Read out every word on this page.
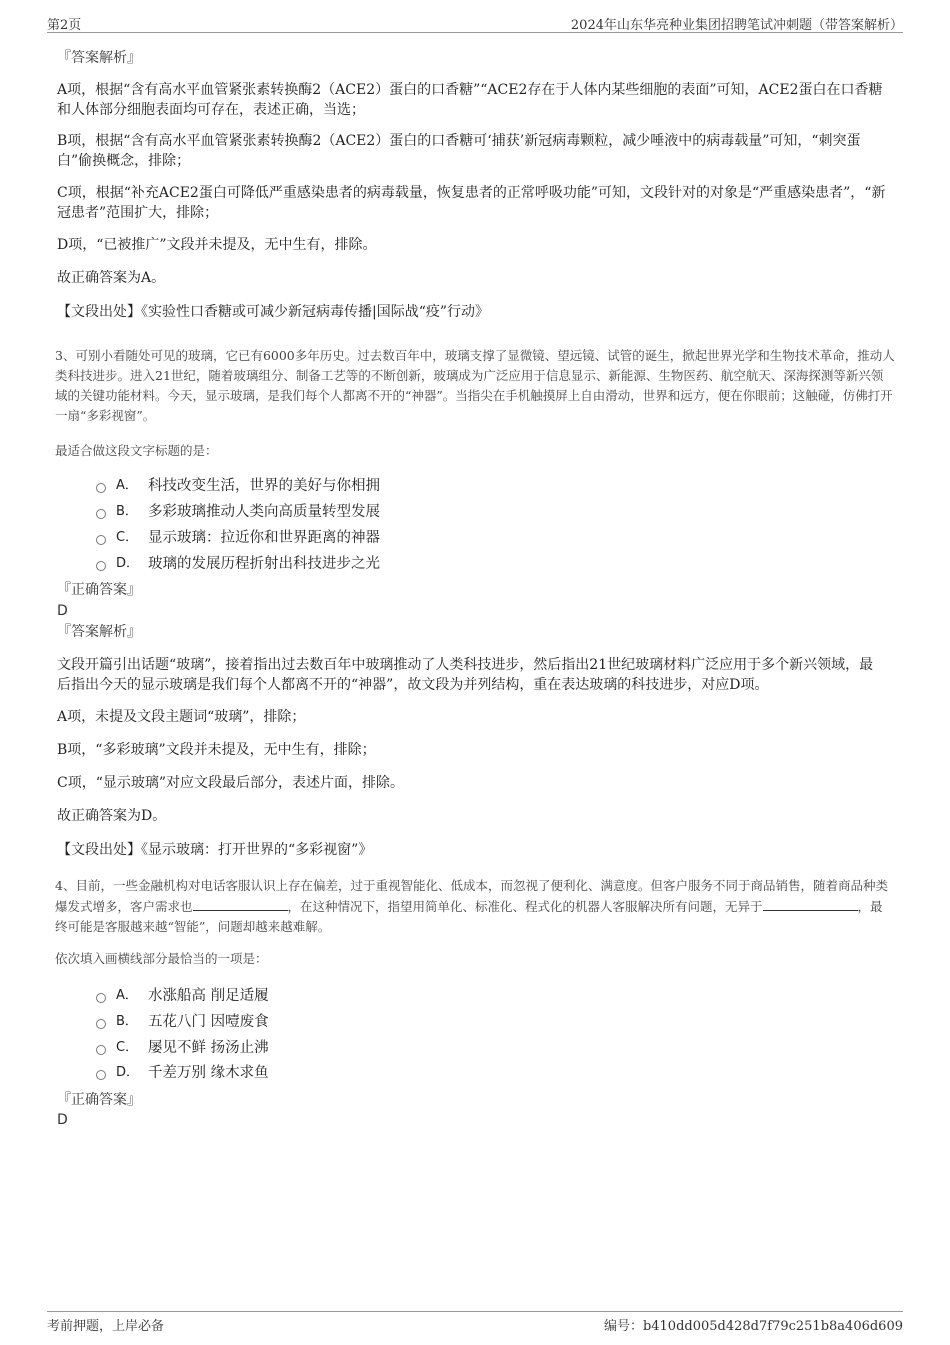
第2页	2024年山东华亮种业集团招聘笔试冲刺题（带答案解析）
『答案解析』
A项，根据“含有高水平血管紧张素转换酶2（ACE2）蛋白的口香糖”“ACE2存在于人体内某些细胞的表面”可知，ACE2蛋白在口香糖和人体部分细胞表面均可存在，表述正确，当选；
B项，根据“含有高水平血管紧张素转换酶2（ACE2）蛋白的口香糖可‘捕获’新冠病毒颗粒，减少唾液中的病毒载量”可知，“刺突蛋白”偷换概念，排除；
C项，根据“补充ACE2蛋白可降低严重感染患者的病毒载量，恢复患者的正常呼吸功能”可知，文段针对的对象是“严重感染患者”，“新冠患者”范围扩大，排除；
D项，“已被推广”文段并未提及，无中生有，排除。
故正确答案为A。
【文段出处】《实验性口香糖或可减少新冠病毒传播|国际战“疫”行动》
3、可别小看随处可见的玻璃，它已有6000多年历史。过去数百年中，玻璃支撑了显微镜、望远镜、试管的诞生，掀起世界光学和生物技术革命，推动人类科技进步。进入21世纪，随着玻璃组分、制备工艺等的不断创新，玻璃成为广泛应用于信息显示、新能源、生物医药、航空航天、深海探测等新兴领域的关键功能材料。今天，显示玻璃，是我们每个人都离不开的“神器”。当指尖在手机触摸屏上自由滑动，世界和远方，便在你眼前；这触碰，仿佛打开一扇“多彩视窗”。
最适合做这段文字标题的是：
A． 科技改变生活，世界的美好与你相拥
B． 多彩玻璃推动人类向高质量转型发展
C． 显示玻璃：拉近你和世界距离的神器
D． 玻璃的发展历程折射出科技进步之光
『正确答案』
D
『答案解析』
文段开篇引出话题“玻璃”，接着指出过去数百年中玻璃推动了人类科技进步，然后指出21世纪玻璃材料广泛应用于多个新兴领域，最后指出今天的显示玻璃是我们每个人都离不开的“神器”，故文段为并列结构，重在表达玻璃的科技进步，对应D项。
A项，未提及文段主题词“玻璃”，排除；
B项，“多彩玻璃”文段并未提及，无中生有，排除；
C项，“显示玻璃”对应文段最后部分，表述片面，排除。
故正确答案为D。
【文段出处】《显示玻璃：打开世界的“多彩视窗”》
4、目前，一些金融机构对电话客服认识上存在偏差，过于重视智能化、低成本，而忽视了便利化、满意度。但客户服务不同于商品销售，随着商品种类爆发式增多，客户需求也	，在这种情况下，指望用简单化、标准化、程式化的机器人客服解决所有问题，无异于	，最终可能是客服越来越“智能”，问题却越来越难解。
依次填入画横线部分最恰当的一项是：
A． 水涨船高 削足适履
B． 五花八门 因噎废食
C． 屡见不鲜 扬汤止沸
D． 千差万别 缘木求鱼
『正确答案』
D
考前押题，上岸必备	编号：b410dd005d428d7f79c251b8a406d609
